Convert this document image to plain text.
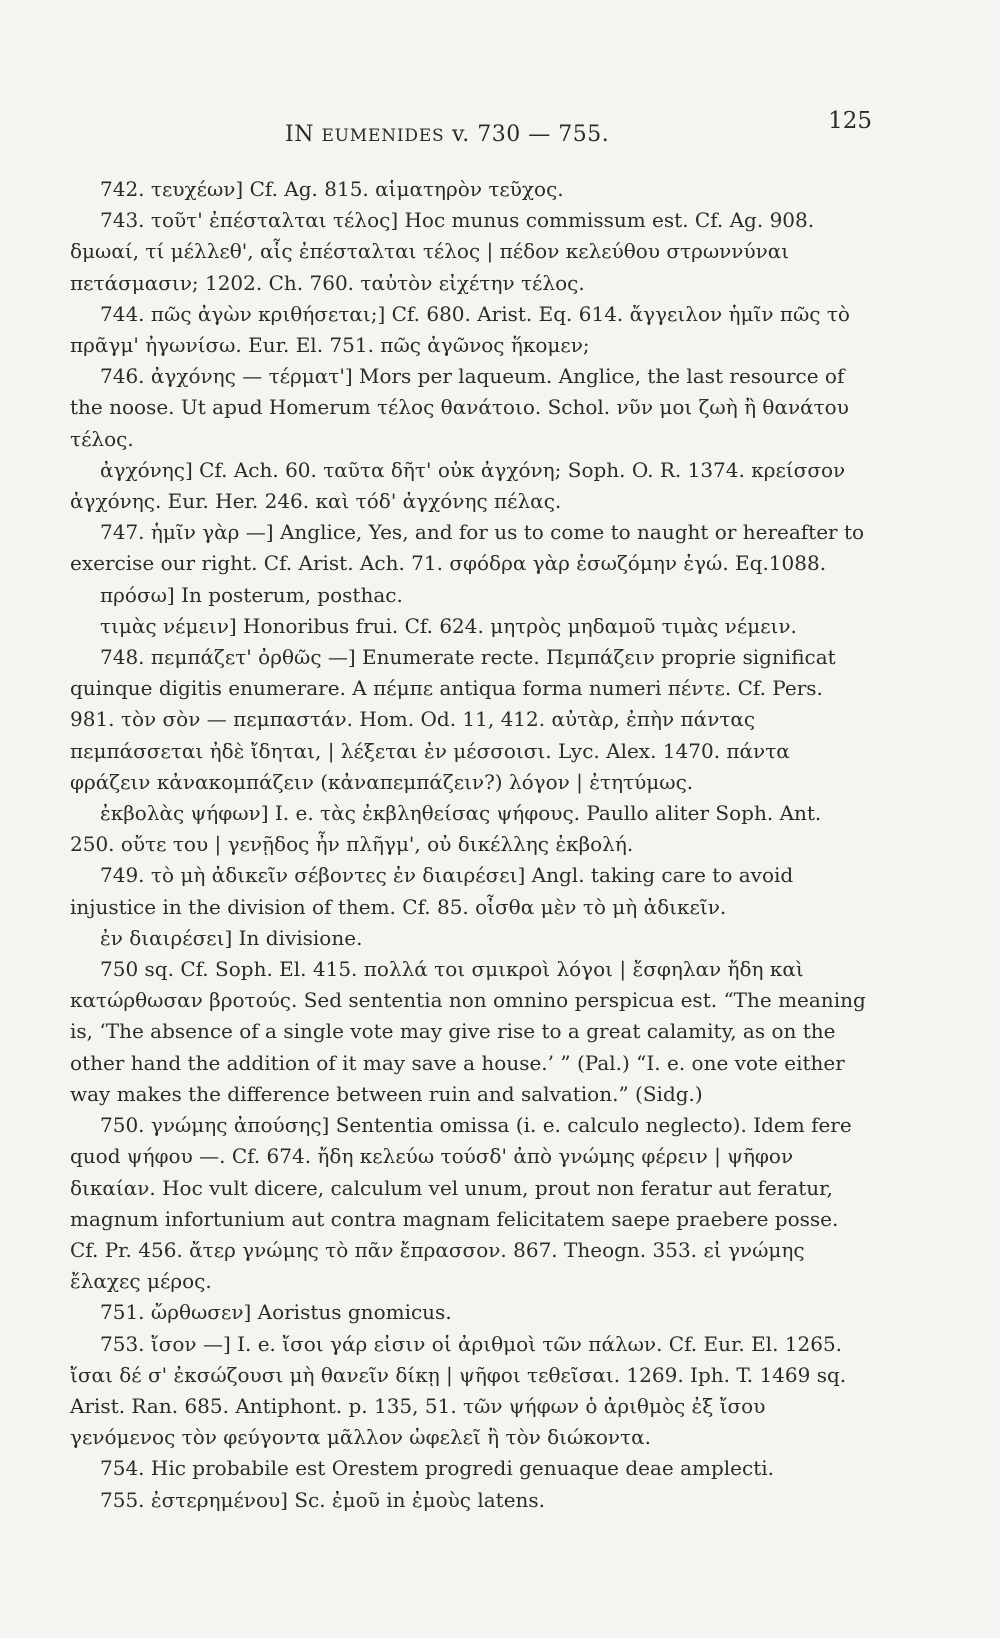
IN EUMENIDES v. 730 — 755.
125

742. τευχέων] Cf. Ag. 815. αἱματηρὸν τεῦχος.

743. τοῦτ' ἐπέσταλται τέλος] Hoc munus commissum est. Cf. Ag. 908. δμωαί, τί μέλλεθ', αἷς ἐπέσταλται τέλος | πέδον κελεύθου στρωννύναι πετάσμασιν; 1202. Ch. 760. ταὐτὸν εἰχέτην τέλος.

744. πῶς ἀγὼν κριθήσεται;] Cf. 680. Arist. Eq. 614. ἄγγειλον ἡμῖν πῶς τὸ πρᾶγμ' ἠγωνίσω. Eur. El. 751. πῶς ἀγῶνος ἥκομεν;

746. ἀγχόνης — τέρματ'] Mors per laqueum. Anglice, the last resource of the noose. Ut apud Homerum τέλος θανάτοιο. Schol. νῦν μοι ζωὴ ἢ θανάτου τέλος.

ἀγχόνης] Cf. Ach. 60. ταῦτα δῆτ' οὐκ ἀγχόνη; Soph. O. R. 1374. κρείσσον ἀγχόνης. Eur. Her. 246. καὶ τόδ' ἀγχόνης πέλας.

747. ἡμῖν γὰρ —] Anglice, Yes, and for us to come to naught or hereafter to exercise our right. Cf. Arist. Ach. 71. σφόδρα γὰρ ἐσωζόμην ἐγώ. Eq.1088.

πρόσω] In posterum, posthac.

τιμὰς νέμειν] Honoribus frui. Cf. 624. μητρὸς μηδαμοῦ τιμὰς νέμειν.

748. πεμπάζετ' ὀρθῶς —] Enumerate recte. Πεμπάζειν proprie significat quinque digitis enumerare. A πέμπε antiqua forma numeri πέντε. Cf. Pers. 981. τὸν σὸν — πεμπαστάν. Hom. Od. 11, 412. αὐτὰρ, ἐπὴν πάντας πεμπάσσεται ἠδὲ ἴδηται, | λέξεται ἐν μέσσοισι. Lyc. Alex. 1470. πάντα φράζειν κἀνακομπάζειν (κἀναπεμπάζειν?) λόγον | ἐτητύμως.

ἐκβολὰς ψήφων] I. e. τὰς ἐκβληθείσας ψήφους. Paullo aliter Soph. Ant. 250. οὔτε του | γενῇδος ἦν πλῆγμ', οὐ δικέλλης ἐκβολή.

749. τὸ μὴ ἀδικεῖν σέβοντες ἐν διαιρέσει] Angl. taking care to avoid injustice in the division of them. Cf. 85. οἶσθα μὲν τὸ μὴ ἀδικεῖν.

ἐν διαιρέσει] In divisione.

750 sq. Cf. Soph. El. 415. πολλά τοι σμικροὶ λόγοι | ἔσφηλαν ἤδη καὶ κατώρθωσαν βροτούς. Sed sententia non omnino perspicua est. “The meaning is, ‘The absence of a single vote may give rise to a great calamity, as on the other hand the addition of it may save a house.’ ” (Pal.) “I. e. one vote either way makes the difference between ruin and salvation.” (Sidg.)

750. γνώμης ἀπούσης] Sententia omissa (i. e. calculo neglecto). Idem fere quod ψήφου —. Cf. 674. ἤδη κελεύω τούσδ' ἀπὸ γνώμης φέρειν | ψῆφον δικαίαν. Hoc vult dicere, calculum vel unum, prout non feratur aut feratur, magnum infortunium aut contra magnam felicitatem saepe praebere posse. Cf. Pr. 456. ἄτερ γνώμης τὸ πᾶν ἔπρασσον. 867. Theogn. 353. εἰ γνώμης ἔλαχες μέρος.

751. ὤρθωσεν] Aoristus gnomicus.

753. ἴσον —] I. e. ἴσοι γάρ εἰσιν οἱ ἀριθμοὶ τῶν πάλων. Cf. Eur. El. 1265. ἴσαι δέ σ' ἐκσώζουσι μὴ θανεῖν δίκῃ | ψῆφοι τεθεῖσαι. 1269. Iph. T. 1469 sq. Arist. Ran. 685. Antiphont. p. 135, 51. τῶν ψήφων ὁ ἀριθμὸς ἐξ ἴσου γενόμενος τὸν φεύγοντα μᾶλλον ὠφελεῖ ἢ τὸν διώκοντα.

754. Hic probabile est Orestem progredi genuaque deae amplecti.

755. ἐστερημένου] Sc. ἐμοῦ in ἐμοὺς latens.
